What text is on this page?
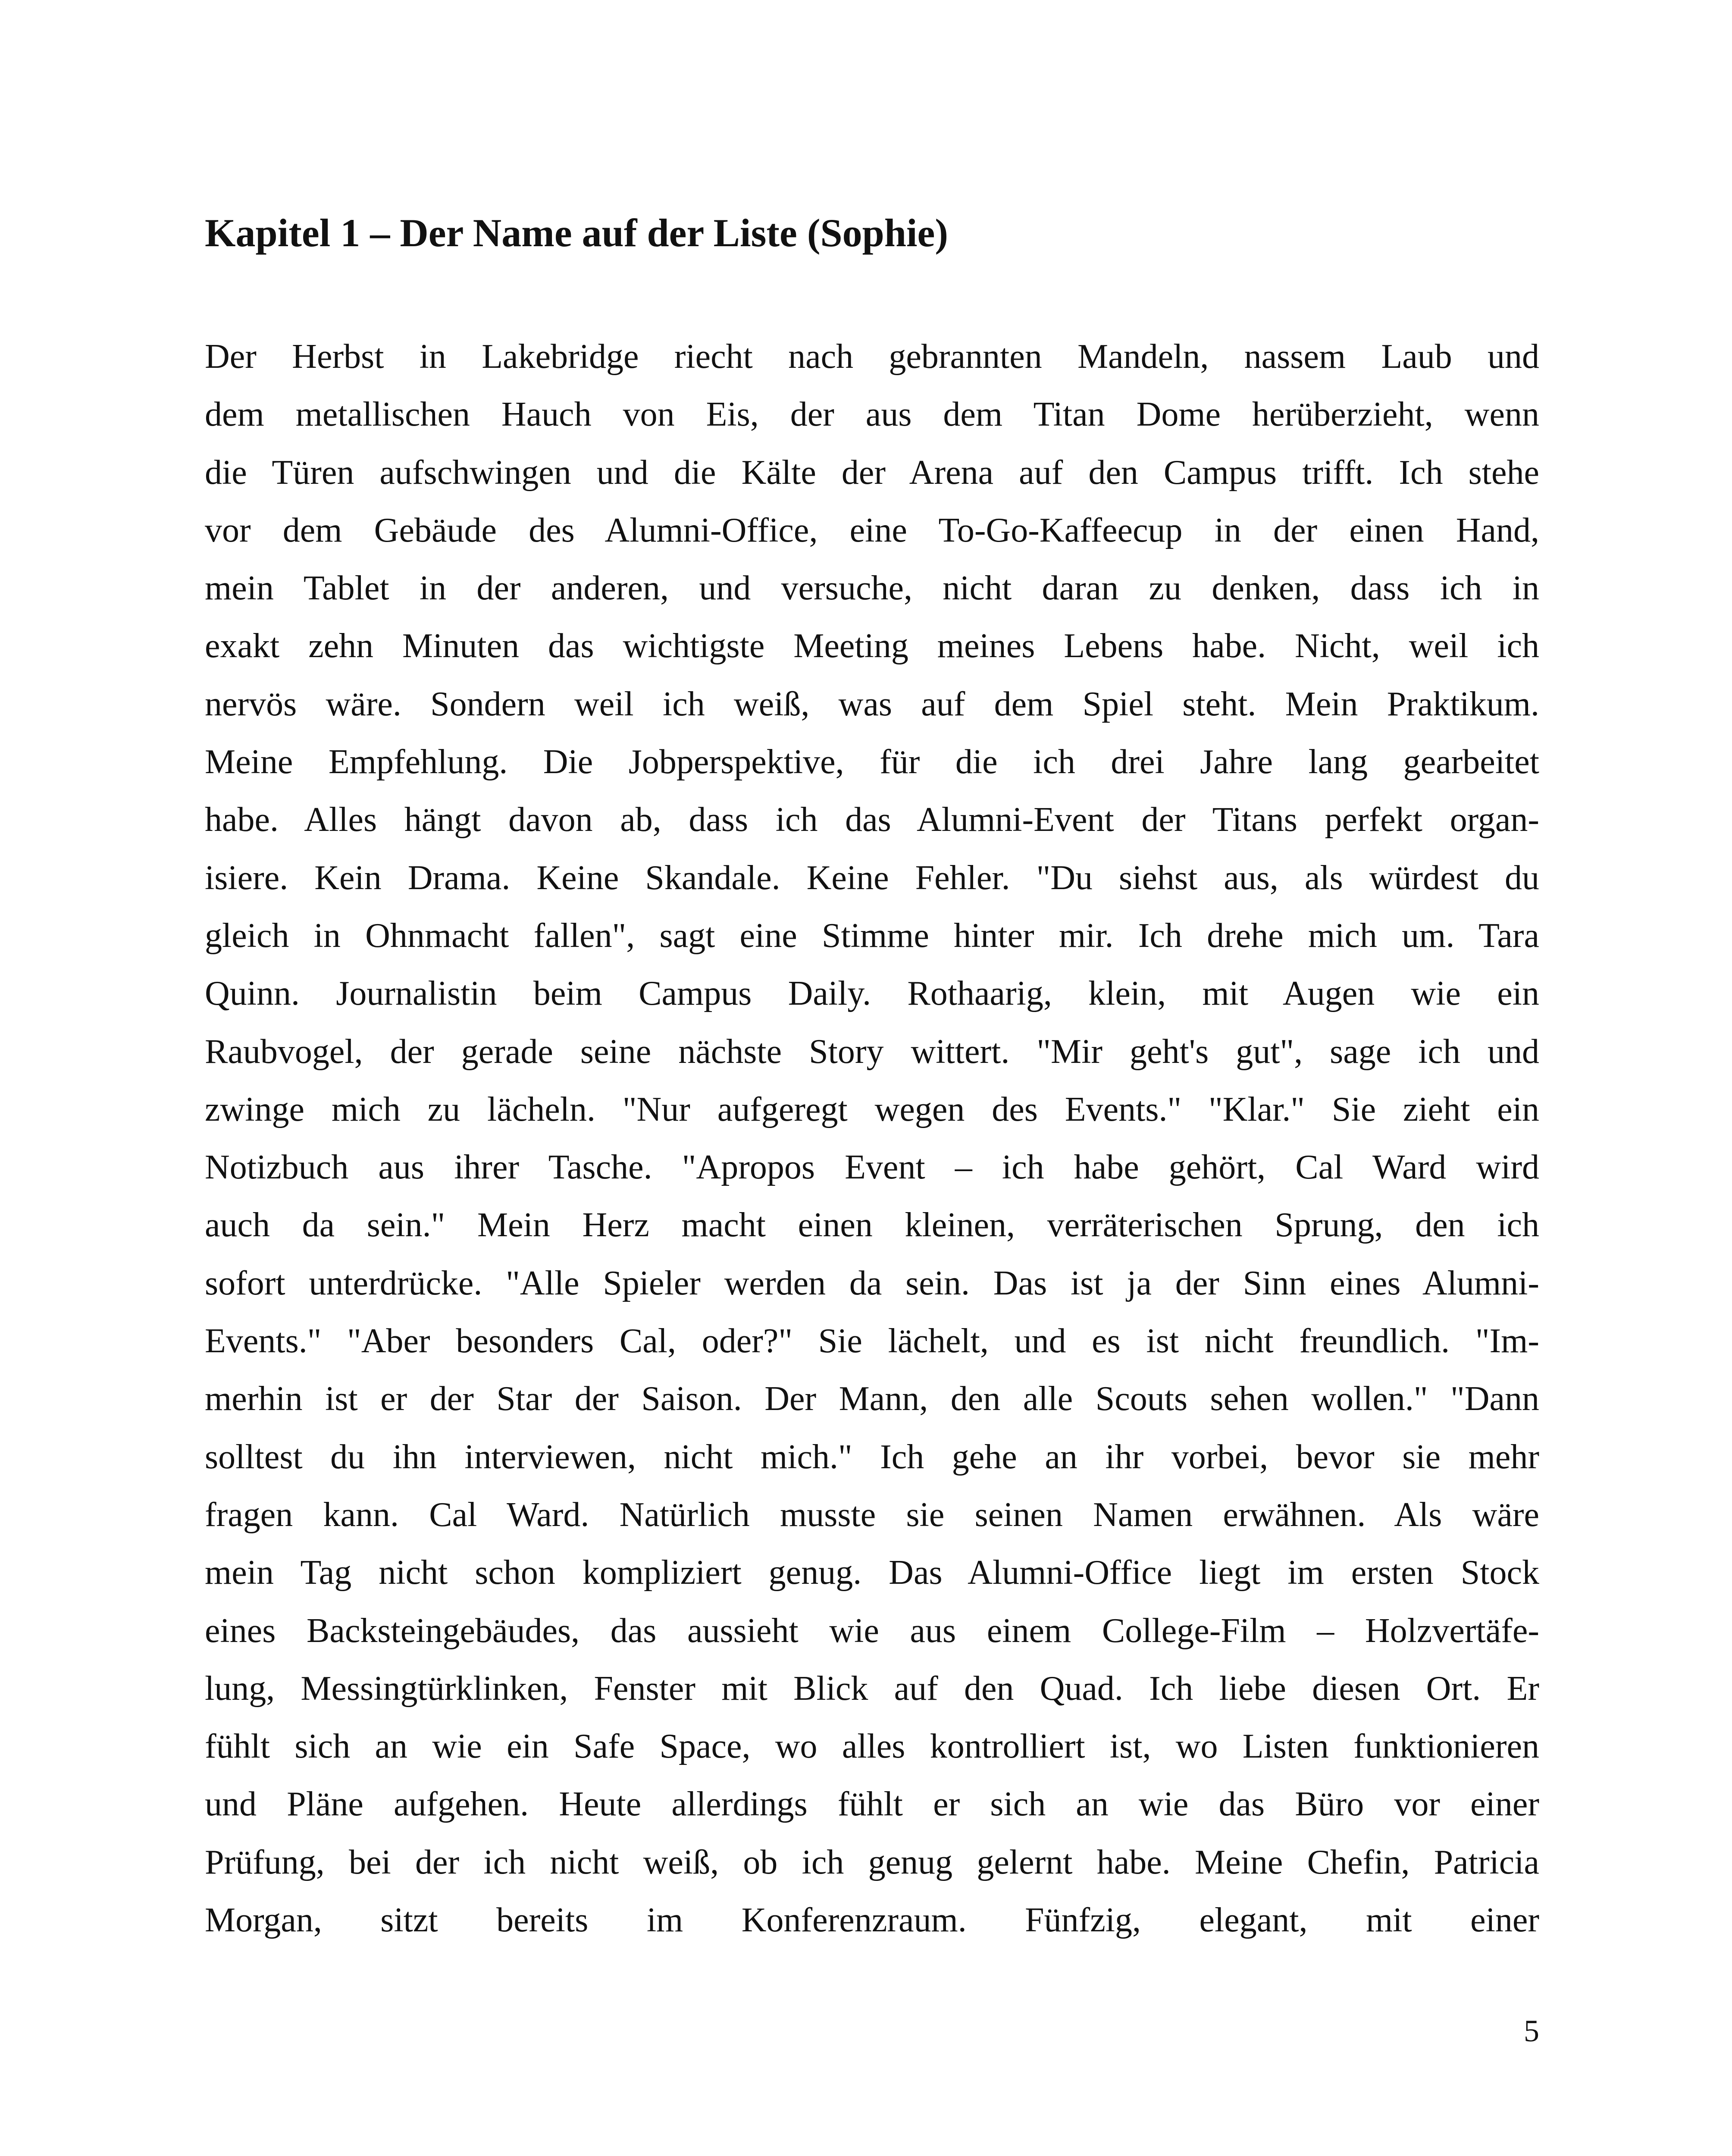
Kapitel 1 – Der Name auf der Liste (Sophie)
Der Herbst in Lakebridge riecht nach gebrannten Mandeln, nassem Laub und
dem metallischen Hauch von Eis, der aus dem Titan Dome herüberzieht, wenn
die Türen aufschwingen und die Kälte der Arena auf den Campus trifft. Ich stehe
vor dem Gebäude des Alumni-Office, eine To-Go-Kaffeecup in der einen Hand,
mein Tablet in der anderen, und versuche, nicht daran zu denken, dass ich in
exakt zehn Minuten das wichtigste Meeting meines Lebens habe. Nicht, weil ich
nervös wäre. Sondern weil ich weiß, was auf dem Spiel steht. Mein Praktikum.
Meine Empfehlung. Die Jobperspektive, für die ich drei Jahre lang gearbeitet
habe. Alles hängt davon ab, dass ich das Alumni-Event der Titans perfekt organ-
isiere. Kein Drama. Keine Skandale. Keine Fehler. "Du siehst aus, als würdest du
gleich in Ohnmacht fallen", sagt eine Stimme hinter mir. Ich drehe mich um. Tara
Quinn. Journalistin beim Campus Daily. Rothaarig, klein, mit Augen wie ein
Raubvogel, der gerade seine nächste Story wittert. "Mir geht's gut", sage ich und
zwinge mich zu lächeln. "Nur aufgeregt wegen des Events." "Klar." Sie zieht ein
Notizbuch aus ihrer Tasche. "Apropos Event – ich habe gehört, Cal Ward wird
auch da sein." Mein Herz macht einen kleinen, verräterischen Sprung, den ich
sofort unterdrücke. "Alle Spieler werden da sein. Das ist ja der Sinn eines Alumni-
Events." "Aber besonders Cal, oder?" Sie lächelt, und es ist nicht freundlich. "Im-
merhin ist er der Star der Saison. Der Mann, den alle Scouts sehen wollen." "Dann
solltest du ihn interviewen, nicht mich." Ich gehe an ihr vorbei, bevor sie mehr
fragen kann. Cal Ward. Natürlich musste sie seinen Namen erwähnen. Als wäre
mein Tag nicht schon kompliziert genug. Das Alumni-Office liegt im ersten Stock
eines Backsteingebäudes, das aussieht wie aus einem College-Film – Holzvertäfe-
lung, Messingtürklinken, Fenster mit Blick auf den Quad. Ich liebe diesen Ort. Er
fühlt sich an wie ein Safe Space, wo alles kontrolliert ist, wo Listen funktionieren
und Pläne aufgehen. Heute allerdings fühlt er sich an wie das Büro vor einer
Prüfung, bei der ich nicht weiß, ob ich genug gelernt habe. Meine Chefin, Patricia
Morgan, sitzt bereits im Konferenzraum. Fünfzig, elegant, mit einer
5
